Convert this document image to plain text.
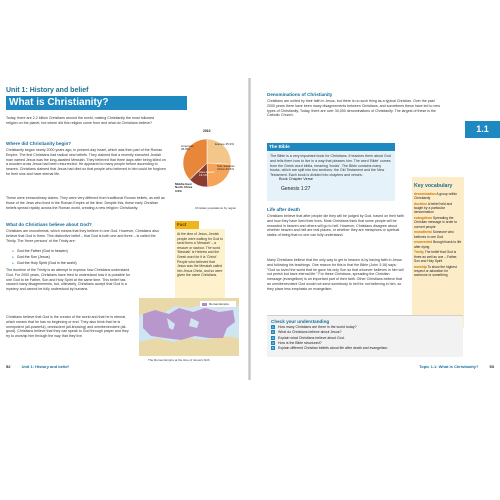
Unit 1: History and belief
What is Christianity?
Today, there are 2.2 billion Christians around the world, making Christianity the most followed religion on the planet, but where did this religion come from and what do Christians believe?
Where did Christianity begin?
Christianity began nearly 2000 years ago, in present-day Israel, which was then part of the Roman Empire. The first Christians had radical new beliefs. They claimed that a recently executed Jewish man named Jesus was the long-awaited Messiah. They believed that three days after being killed on a wooden cross Jesus had been resurrected. He appeared to many people before ascending to heaven. Christians claimed that Jesus had died so that people who believed in him could be forgiven for their sins and have eternal life.
These were extraordinary claims. They were very different from traditional Roman beliefs, as well as those of the Jews who lived in the Roman Empire at the time. Despite this, these early Christian beliefs spread rapidly across the Roman world, creating a new religion: Christianity.
What do Christians believe about God?
Christians are monotheists, which means that they believe in one God. However, Christians also believe that God is three. This distinctive belief – that God is both one and three – is called the Trinity. The 'three persons' of the Trinity are:
● God the Father (God in heaven)
● God the Son (Jesus)
● God the Holy Spirit (God in the world)
The doctrine of the Trinity is an attempt to express how Christians understand God. For 2000 years, Christians have tried to understand how it is possible for one God to be Father, Son and Holy Spirit at the same time. This belief has caused many disagreements, but, ultimately, Christians accept that God is a mystery and cannot be fully understood by humans.
Christians believe that God is the creator of the world and that he is eternal, which means that he has no beginning or end. They also think that he is omnipotent (all-powerful), omniscient (all-knowing) and omnibenevolent (all-good). Christians believe that they can speak to God through prayer and they try to worship him through the way that they live.
2010
Americas 36.8%
Europe 25.9%
Sub-Saharan Africa 23.6%
Asia-Pacific 13.1%
Middle East North Africa 0.6%
Christian populations by region
Fact
At the time of Jesus, Jewish people were waiting for God to send them a 'Messiah' – a rescuer or saviour. The word 'Messiah' is Hebrew and the Greek word for it is 'Christ'. People who believed that Jesus was the Messiah called him Jesus Christ, and so were given the name Christians.
Roman Empire
The Roman Empire at the time of Jesus's birth
52	Unit 1: History and belief
1.1
Denominations of Christianity
Christians are united by their faith in Jesus, but there is no such thing as a typical Christian. Over the past 2000 years there have been many disagreements between Christians, and sometimes these have led to new types of Christianity. Today, there are over 30,000 denominations of Christianity. The largest of these is the Catholic Church.
The Bible
The Bible is a very important book for Christians. It teaches them about God and tells them how to live in a way that pleases him. The word 'Bible' comes from the Greek word biblia, meaning 'books'. The Bible contains many books, which are split into two sections: the Old Testament and the New Testament. Each book is divided into chapters and verses:
Book Chapter Verse
Genesis 1:27
Life after death
Christians believe that after people die they will be judged by God, based on their faith and how they have lived their lives. Most Christians think that some people will be rewarded in heaven and others will go to hell. However, Christians disagree about whether heaven and hell are real places, or whether they are metaphors or spiritual states of being that no one can fully understand.
Many Christians believe that the only way to get to heaven is by having faith in Jesus and following his teachings. One reason for this is that the Bible (John 3:16) says: "God so loved the world that he gave his only Son so that whoever believes in him will not perish but have eternal life." For these Christians, spreading the Christian message (evangelism) is an important part of their faith. Other Christians believe that an omnibenevolent God would not send somebody to hell for not believing in him, so they place less emphasis on evangelism.
Key vocabulary
denomination A group within Christianity
doctrine A belief held and taught by a particular denomination
evangelism Spreading the Christian message in order to convert people
monotheist Someone who believes in one God
resurrected Brought back to life after dying
Trinity The belief that God is three as well as one – Father, Son and Holy Spirit
worship To show the highest respect or adoration for someone or something
Check your understanding
1 How many Christians are there in the world today?
2 What do Christians believe about Jesus?
3 Explain what Christians believe about God.
4 How is the Bible structured?
5 Explain different Christian beliefs about life after death and evangelism.
Topic 1.1: What is Christianity?	53
